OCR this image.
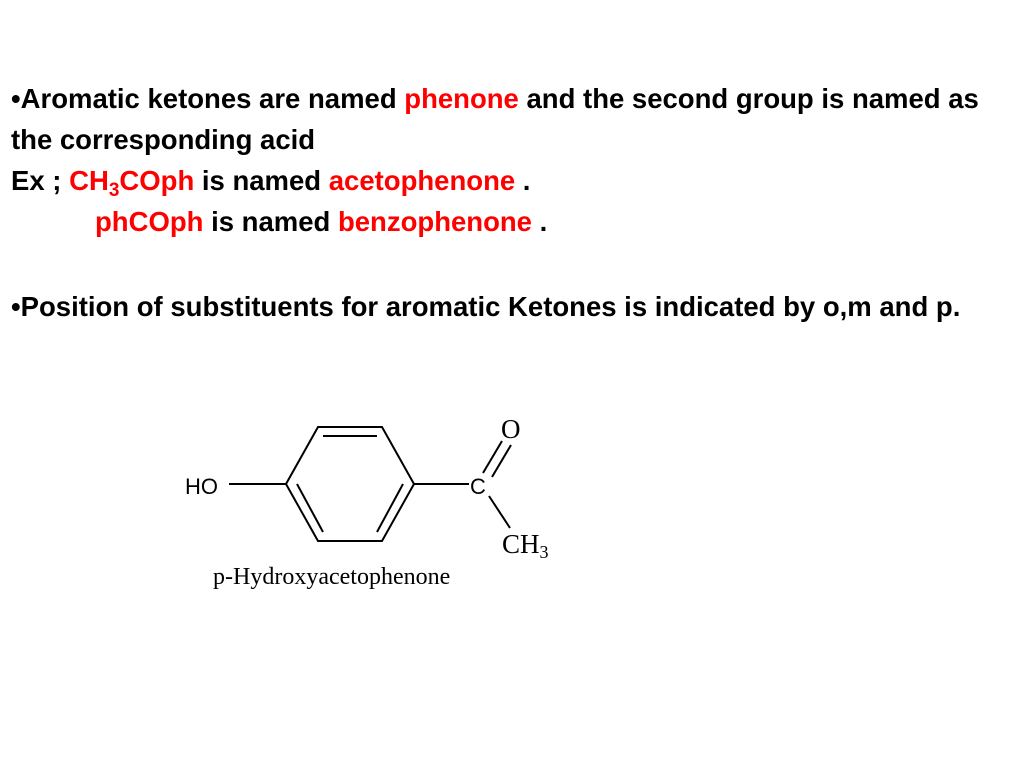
•Aromatic ketones are named phenone and the second group is named as the corresponding acid

Ex ; $CH_3COph$ is named acetophenone .

phCOph is named benzophenone .

•Position of substituents for aromatic Ketones is indicated by o,m and p.

HO	C
O
CH3
p-Hydroxyacetophenone
